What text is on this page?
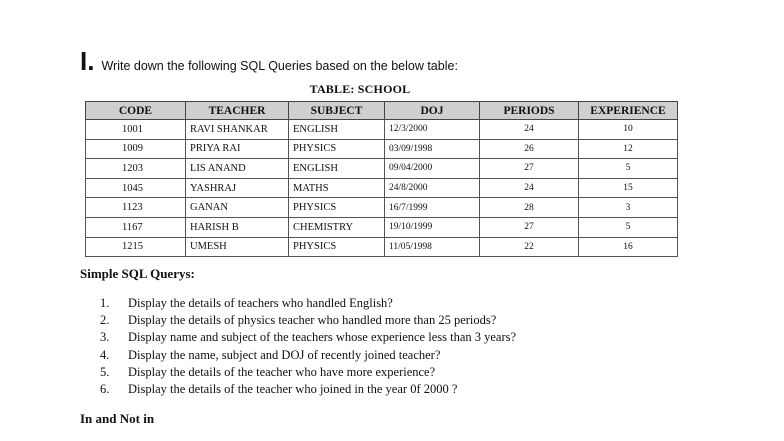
I. Write down the following SQL Queries based on the below table:
TABLE: SCHOOL
CODE	TEACHER	SUBJECT	DOJ	PERIODS	EXPERIENCE
1001	RAVI SHANKAR	ENGLISH	12/3/2000	24	10
1009	PRIYA RAI	PHYSICS	03/09/1998	26	12
1203	LIS ANAND	ENGLISH	09/04/2000	27	5
1045	YASHRAJ	MATHS	24/8/2000	24	15
1123	GANAN	PHYSICS	16/7/1999	28	3
1167	HARISH B	CHEMISTRY	19/10/1999	27	5
1215	UMESH	PHYSICS	11/05/1998	22	16
Simple SQL Querys:
1.	Display the details of teachers who handled English?
2.	Display the details of physics teacher who handled more than 25 periods?
3.	Display name and subject of the teachers whose experience less than 3 years?
4.	Display the name, subject and DOJ of recently joined teacher?
5.	Display the details of the teacher who have more experience?
6.	Display the details of the teacher who joined in the year 0f 2000 ?
In and Not in
